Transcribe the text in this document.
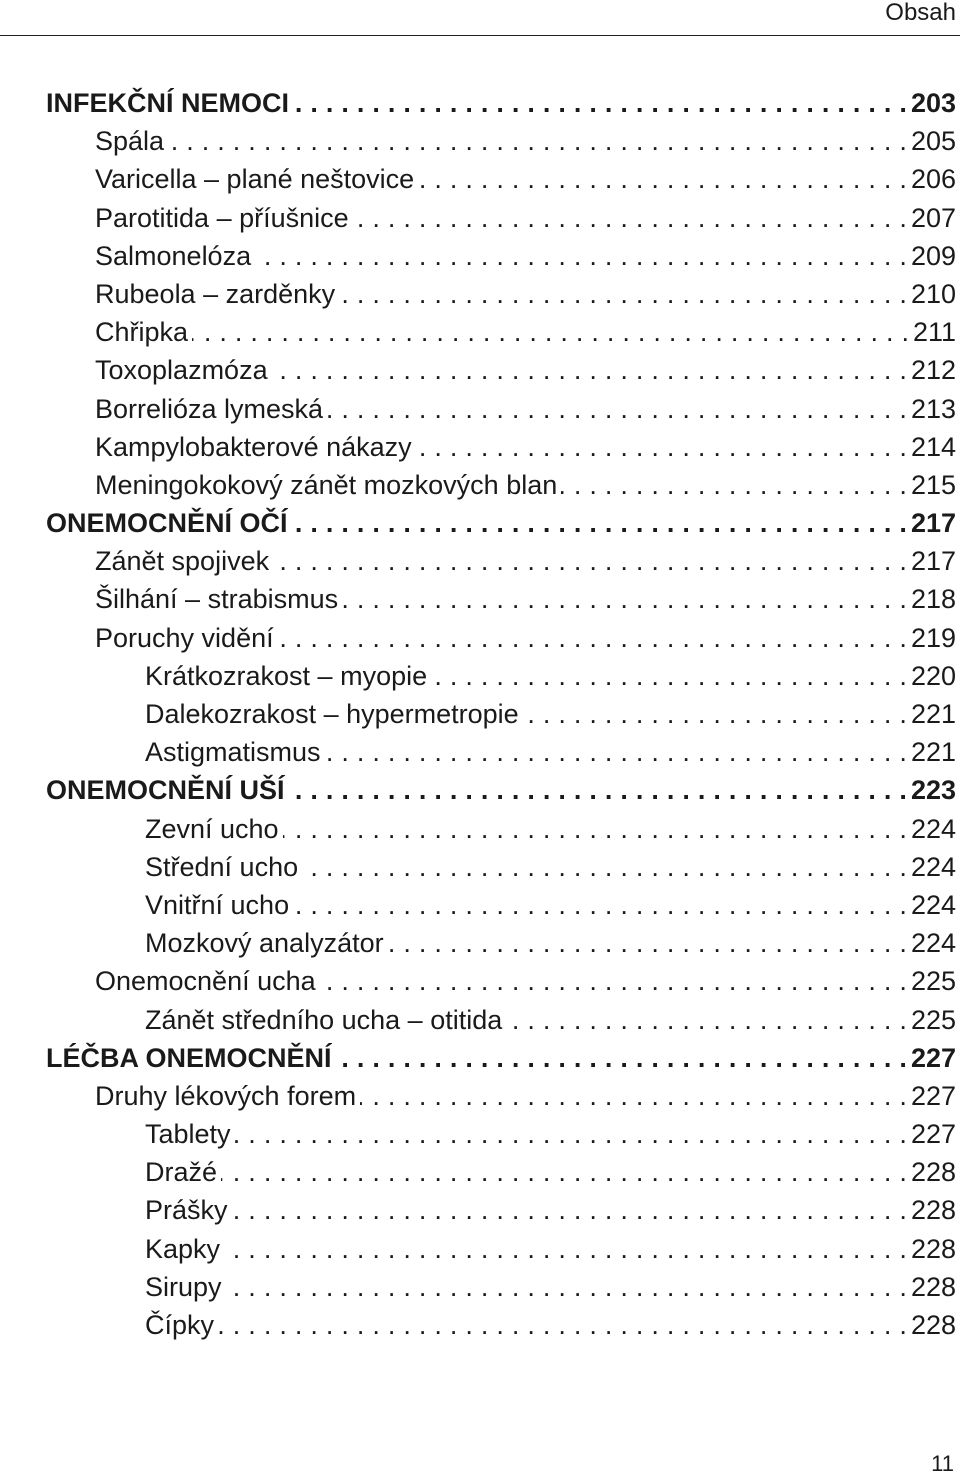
Obsah
INFEKČNÍ NEMOCI . . .	203
Spála . . .	205
Varicella – plané neštovice . . .	206
Parotitida – příušnice . . .	207
Salmonelóza . . .	209
Rubeola – zarděnky . . .	210
Chřipka . . .	211
Toxoplazmóza . . .	212
Borrelióza lymeská . . .	213
Kampylobakterové nákazy . . .	214
Meningokokový zánět mozkových blan . . .	215
ONEMOCNĚNÍ OČÍ . . .	217
Zánět spojivek . . .	217
Šilhání – strabismus . . .	218
Poruchy vidění . . .	219
Krátkozrakost – myopie . . .	220
Dalekozrakost – hypermetropie . . .	221
Astigmatismus . . .	221
ONEMOCNĚNÍ UŠÍ . . .	223
Zevní ucho . . .	224
Střední ucho . . .	224
Vnitřní ucho . . .	224
Mozkový analyzátor . . .	224
Onemocnění ucha . . .	225
Zánět středního ucha – otitida . . .	225
LÉČBA ONEMOCNĚNÍ . . .	227
Druhy lékových forem . . .	227
Tablety . . .	227
Dražé . . .	228
Prášky . . .	228
Kapky . . .	228
Sirupy . . .	228
Čípky . . .	228
11
